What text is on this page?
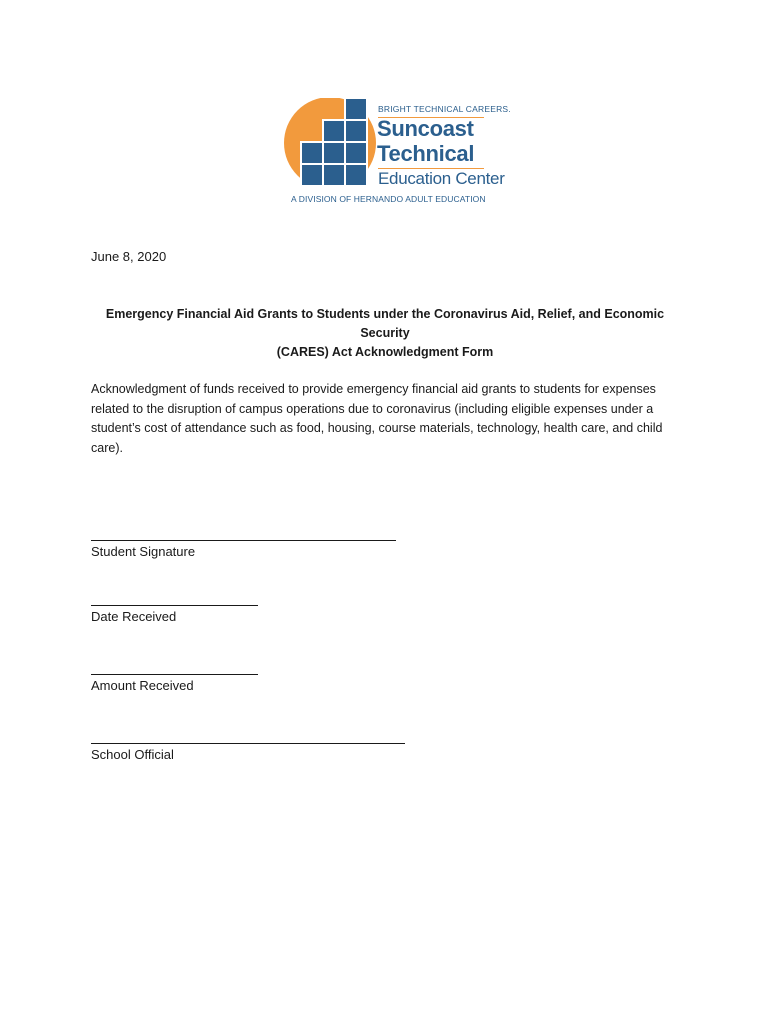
BRIGHT TECHNICAL CAREERS.
Suncoast
Technical
Education Center
A DIVISION OF HERNANDO ADULT EDUCATION
June 8, 2020
Emergency Financial Aid Grants to Students under the Coronavirus Aid, Relief, and Economic Security
(CARES) Act Acknowledgment Form
Acknowledgment of funds received to provide emergency financial aid grants to students for expenses related to the disruption of campus operations due to coronavirus (including eligible expenses under a student’s cost of attendance such as food, housing, course materials, technology, health care, and child care).
Student Signature
Date Received
Amount Received
School Official
